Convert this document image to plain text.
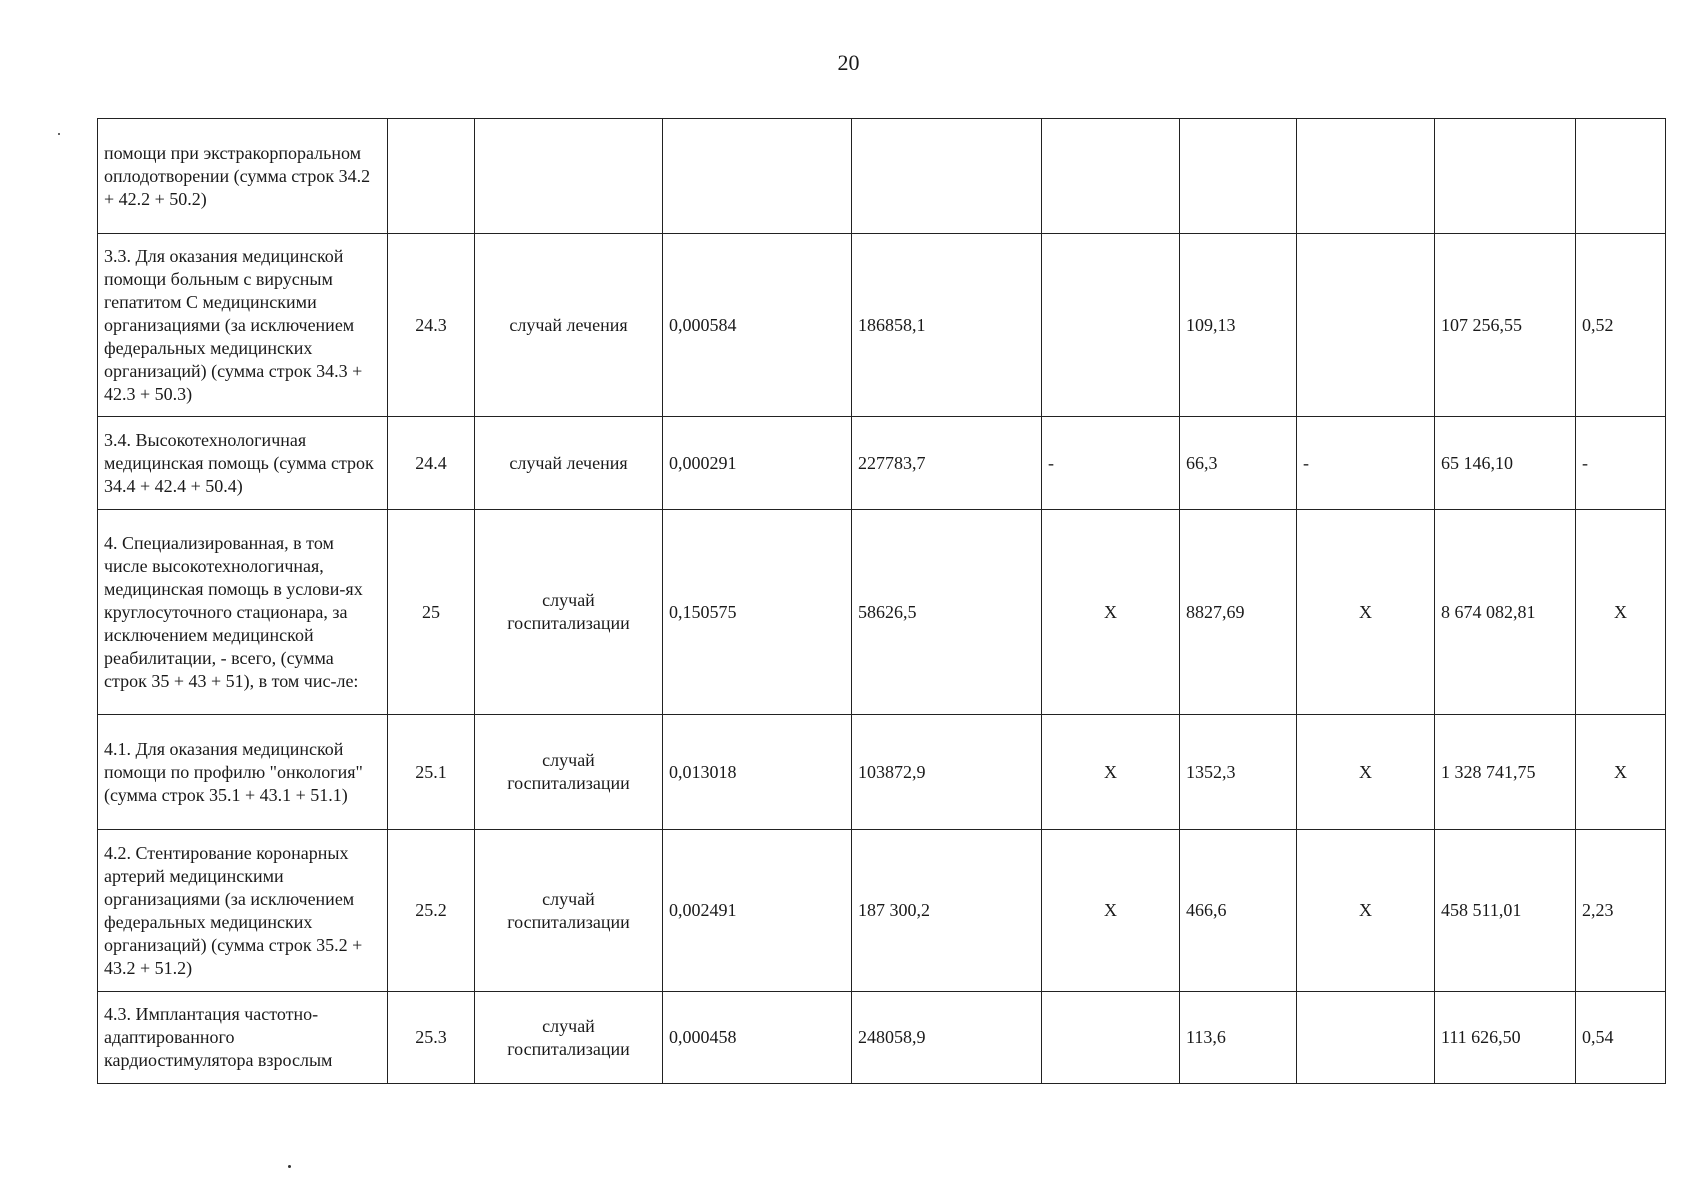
20
помощи при экстракорпоральном оплодотворении (сумма строк 34.2 + 42.2 + 50.2)									
3.3. Для оказания медицинской помощи больным с вирусным гепатитом С медицинскими организациями (за исключением федеральных медицинских организаций) (сумма строк 34.3 + 42.3 + 50.3)	24.3	случай лечения	0,000584	186858,1		109,13		107 256,55	0,52
3.4. Высокотехнологичная медицинская помощь (сумма строк 34.4 + 42.4 + 50.4)	24.4	случай лечения	0,000291	227783,7	-	66,3	-	65 146,10	-
4. Специализированная, в том числе высокотехнологичная, медицинская помощь в услови-ях круглосуточного стационара, за исключением медицинской реабилитации, - всего, (сумма строк 35 + 43 + 51), в том чис-ле:	25	случай госпитализации	0,150575	58626,5	X	8827,69	X	8 674 082,81	X
4.1. Для оказания медицинской помощи по профилю "онкология" (сумма строк 35.1 + 43.1 + 51.1)	25.1	случай госпитализации	0,013018	103872,9	X	1352,3	X	1 328 741,75	X
4.2. Стентирование коронарных артерий медицинскими организациями (за исключением федеральных медицинских организаций) (сумма строк 35.2 + 43.2 + 51.2)	25.2	случай госпитализации	0,002491	187 300,2	X	466,6	X	458 511,01	2,23
4.3. Имплантация частотно-адаптированного кардиостимулятора взрослым	25.3	случай госпитализации	0,000458	248058,9		113,6		111 626,50	0,54
